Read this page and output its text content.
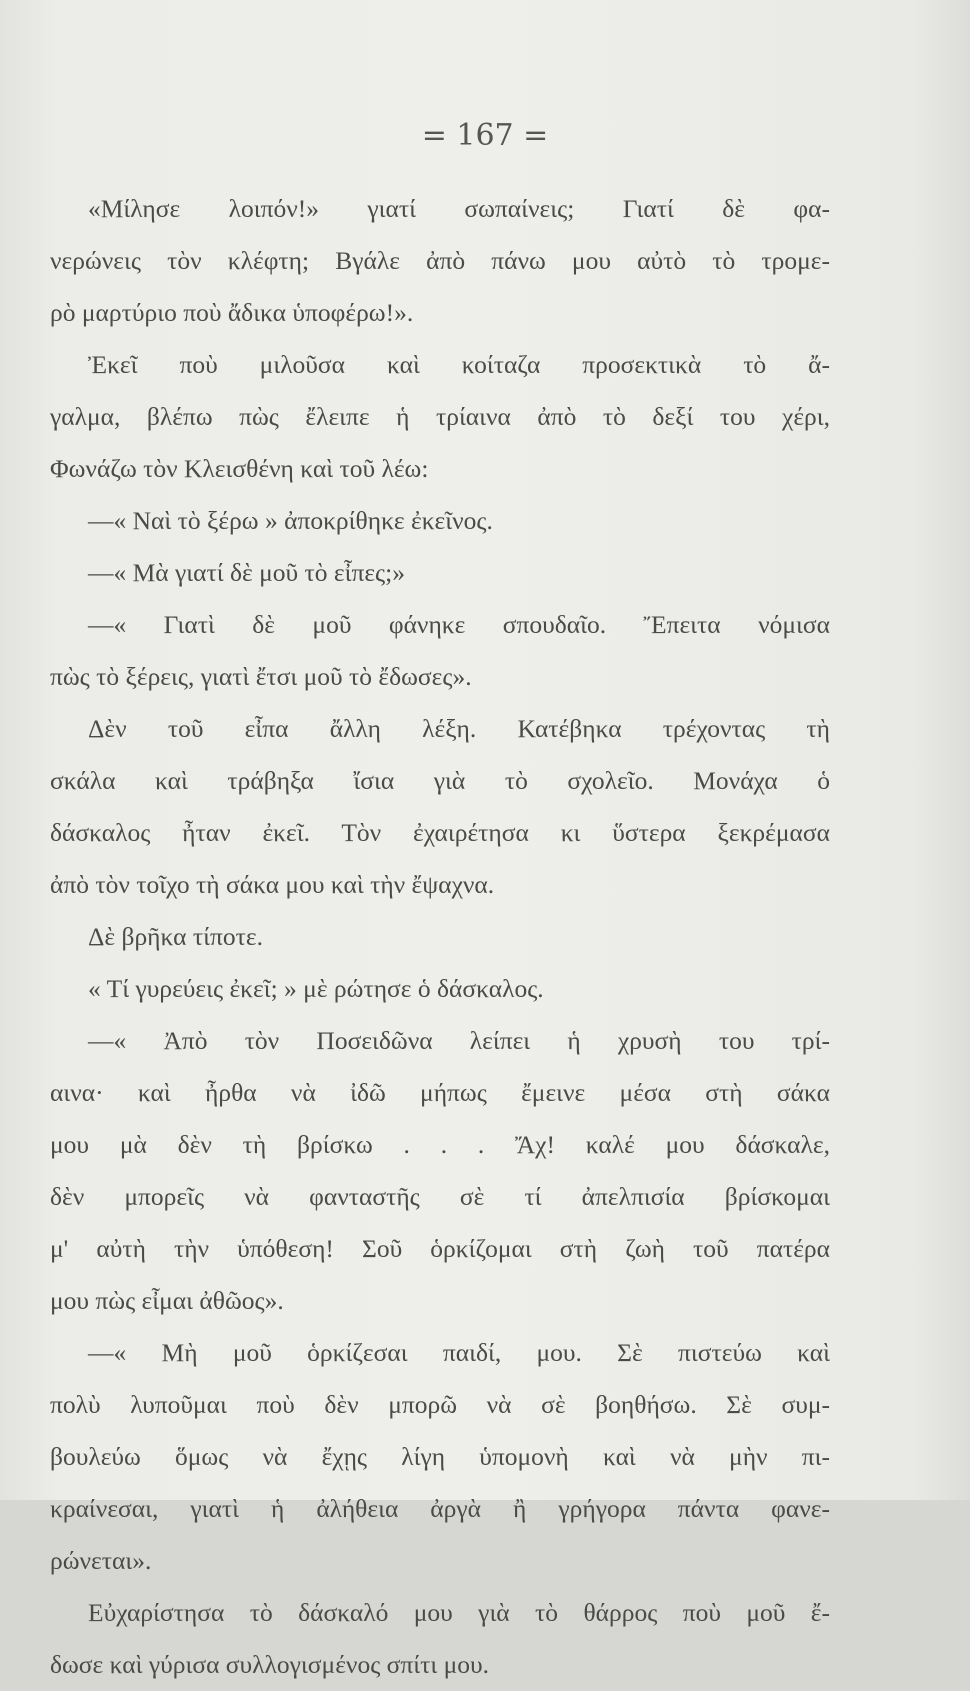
= 167 =
«Μίλησε λοιπόν!» γιατί σωπαίνεις; Γιατί δὲ φα-
νερώνεις τὸν κλέφτη; Βγάλε ἀπὸ πάνω μου αὐτὸ τὸ τρομε-
ρὸ μαρτύριο ποὺ ἄδικα ὑποφέρω!».
Ἐκεῖ ποὺ μιλοῦσα καὶ κοίταζα προσεκτικὰ τὸ ἄ-
γαλμα, βλέπω πὼς ἔλειπε ἡ τρίαινα ἀπὸ τὸ δεξί του χέρι,
Φωνάζω τὸν Κλεισθένη καὶ τοῦ λέω:
—« Ναὶ τὸ ξέρω » ἀποκρίθηκε ἐκεῖνος.
—« Μὰ γιατί δὲ μοῦ τὸ εἶπες;»
—« Γιατὶ δὲ μοῦ φάνηκε σπουδαῖο. Ἔπειτα νόμισα
πὼς τὸ ξέρεις, γιατὶ ἔτσι μοῦ τὸ ἔδωσες».
Δὲν τοῦ εἶπα ἄλλη λέξη. Κατέβηκα τρέχοντας τὴ
σκάλα καὶ τράβηξα ἴσια γιὰ τὸ σχολεῖο. Μονάχα ὁ
δάσκαλος ἦταν ἐκεῖ. Τὸν ἐχαιρέτησα κι ὕστερα ξεκρέμασα
ἀπὸ τὸν τοῖχο τὴ σάκα μου καὶ τὴν ἔψαχνα.
Δὲ βρῆκα τίποτε.
« Τί γυρεύεις ἐκεῖ; » μὲ ρώτησε ὁ δάσκαλος.
—« Ἀπὸ τὸν Ποσειδῶνα λείπει ἡ χρυσὴ του τρί-
αινα· καὶ ἦρθα νὰ ἰδῶ μήπως ἔμεινε μέσα στὴ σάκα
μου μὰ δὲν τὴ βρίσκω . . . Ἄχ! καλέ μου δάσκαλε,
δὲν μπορεῖς νὰ φανταστῆς σὲ τί ἀπελπισία βρίσκομαι
μ' αὐτὴ τὴν ὑπόθεση! Σοῦ ὁρκίζομαι στὴ ζωὴ τοῦ πατέρα
μου πὼς εἶμαι ἀθῶος».
—« Μὴ μοῦ ὁρκίζεσαι παιδί, μου. Σὲ πιστεύω καὶ
πολὺ λυποῦμαι ποὺ δὲν μπορῶ νὰ σὲ βοηθήσω. Σὲ συμ-
βουλεύω ὅμως νὰ ἔχῃς λίγη ὑπομονὴ καὶ νὰ μὴν πι-
κραίνεσαι, γιατὶ ἡ ἀλήθεια ἀργὰ ἢ γρήγορα πάντα φανε-
ρώνεται».
Εὐχαρίστησα τὸ δάσκαλό μου γιὰ τὸ θάρρος ποὺ μοῦ ἔ-
δωσε καὶ γύρισα συλλογισμένος σπίτι μου.
